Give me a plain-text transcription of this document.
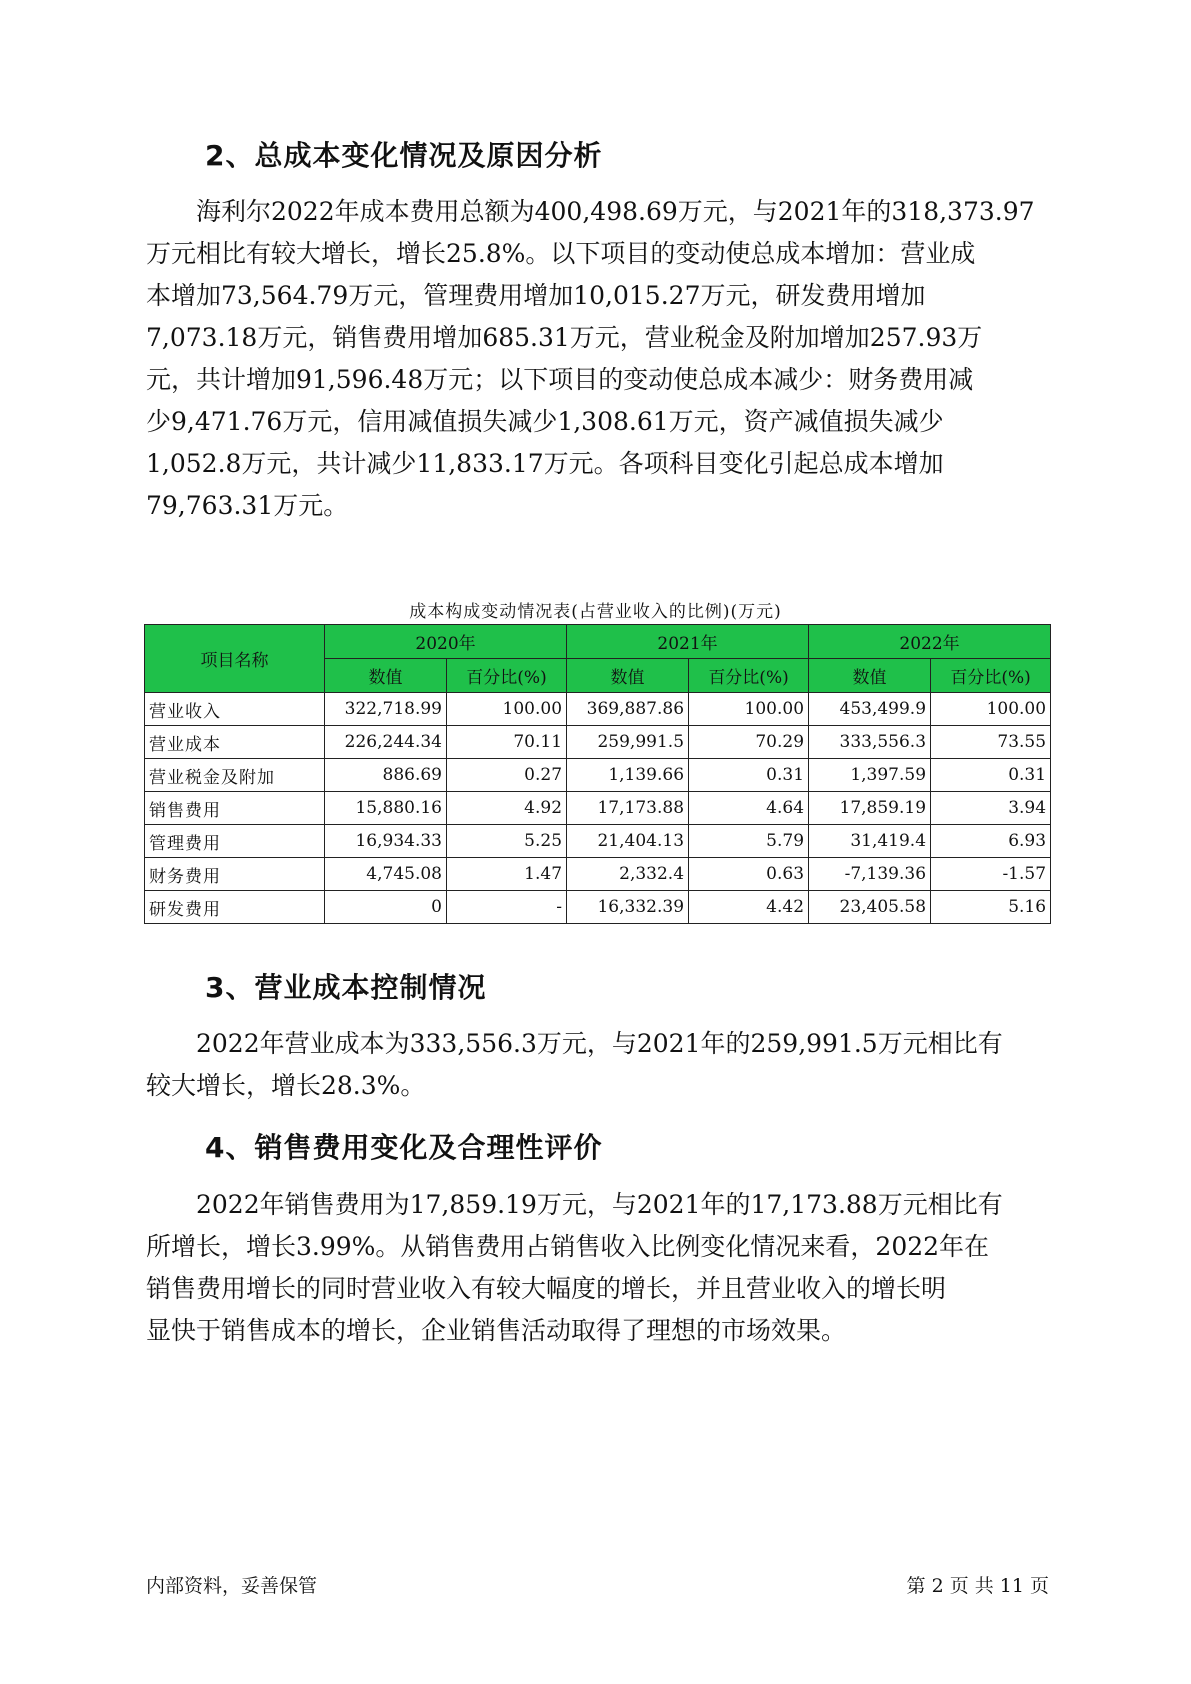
2、总成本变化情况及原因分析

海利尔2022年成本费用总额为400,498.69万元，与2021年的318,373.97
万元相比有较大增长，增长25.8%。以下项目的变动使总成本增加：营业成
本增加73,564.79万元，管理费用增加10,015.27万元，研发费用增加
7,073.18万元，销售费用增加685.31万元，营业税金及附加增加257.93万
元，共计增加91,596.48万元；以下项目的变动使总成本减少：财务费用减
少9,471.76万元，信用减值损失减少1,308.61万元，资产减值损失减少
1,052.8万元，共计减少11,833.17万元。各项科目变化引起总成本增加
79,763.31万元。

成本构成变动情况表(占营业收入的比例)(万元)
项目名称	2020年		2021年		2022年	
	数值	百分比(%)	数值	百分比(%)	数值	百分比(%)
营业收入	322,718.99	100.00	369,887.86	100.00	453,499.9	100.00
营业成本	226,244.34	70.11	259,991.5	70.29	333,556.3	73.55
营业税金及附加	886.69	0.27	1,139.66	0.31	1,397.59	0.31
销售费用	15,880.16	4.92	17,173.88	4.64	17,859.19	3.94
管理费用	16,934.33	5.25	21,404.13	5.79	31,419.4	6.93
财务费用	4,745.08	1.47	2,332.4	0.63	-7,139.36	-1.57
研发费用	0	-	16,332.39	4.42	23,405.58	5.16
3、营业成本控制情况

2022年营业成本为333,556.3万元，与2021年的259,991.5万元相比有
较大增长，增长28.3%。

4、销售费用变化及合理性评价

2022年销售费用为17,859.19万元，与2021年的17,173.88万元相比有
所增长，增长3.99%。从销售费用占销售收入比例变化情况来看，2022年在
销售费用增长的同时营业收入有较大幅度的增长，并且营业收入的增长明
显快于销售成本的增长，企业销售活动取得了理想的市场效果。

内部资料，妥善保管	第 2 页 共 11 页
